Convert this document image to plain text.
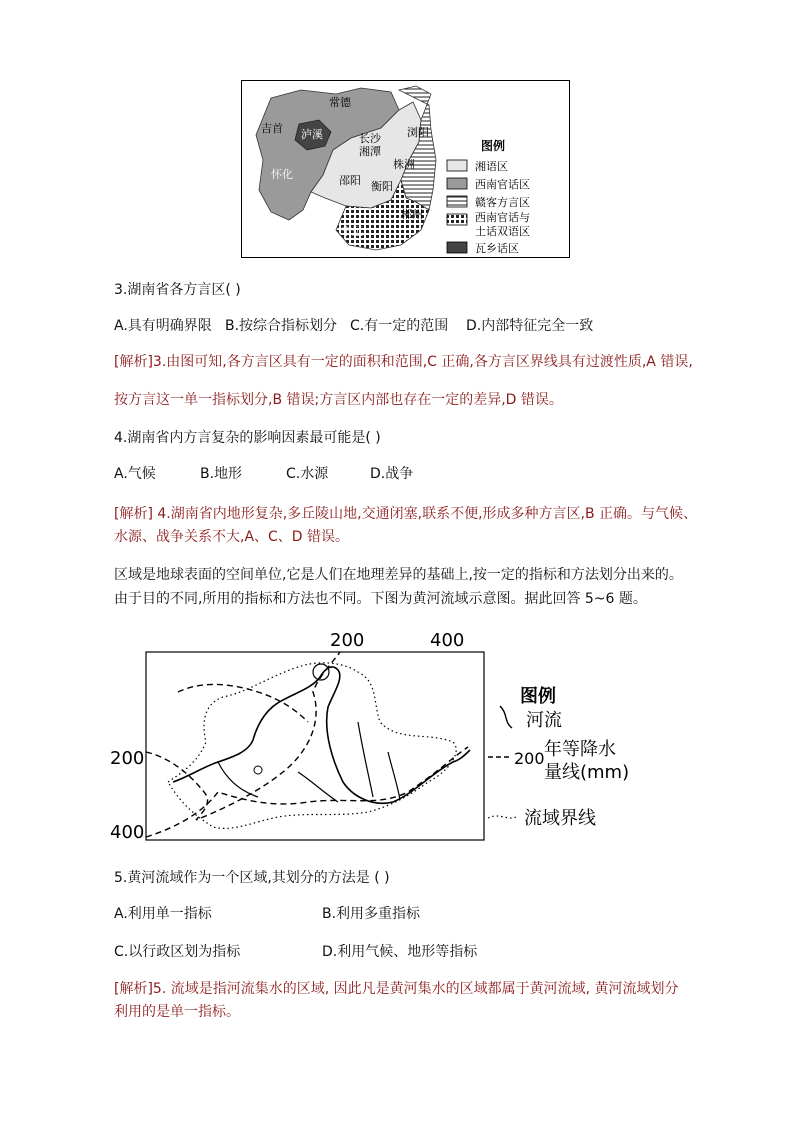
常德
吉首 泸溪	长沙
湘潭
浏阳
株洲
怀化	邵阳 衡阳
郴州
宁远
图例
湘语区
西南官话区
赣客方言区
西南官话与
土话双语区
瓦乡话区
3.湖南省各方言区( )
A.具有明确界限 B.按综合指标划分 C.有一定的范围 D.内部特征完全一致
[解析]3.由图可知,各方言区具有一定的面积和范围,C 正确,各方言区界线具有过渡性质,A 错误,
按方言这一单一指标划分,B 错误;方言区内部也存在一定的差异,D 错误。
4.湖南省内方言复杂的影响因素最可能是( )
A.气候	B.地形	C.水源	D.战争
[解析] 4.湖南省内地形复杂,多丘陵山地,交通闭塞,联系不便,形成多种方言区,B 正确。与气候、
水源、战争关系不大,A、C、D 错误。
区域是地球表面的空间单位,它是人们在地理差异的基础上,按一定的指标和方法划分出来的。
由于目的不同,所用的指标和方法也不同。下图为黄河流域示意图。据此回答 5~6 题。
200	400
200
400
图例
河流
200 年等降水
量线(mm)
流域界线
5.黄河流域作为一个区域,其划分的方法是 ( )
A.利用单一指标	B.利用多重指标
C.以行政区划为指标	D.利用气候、地形等指标
[解析]5. 流域是指河流集水的区域, 因此凡是黄河集水的区域都属于黄河流域, 黄河流域划分
利用的是单一指标。
